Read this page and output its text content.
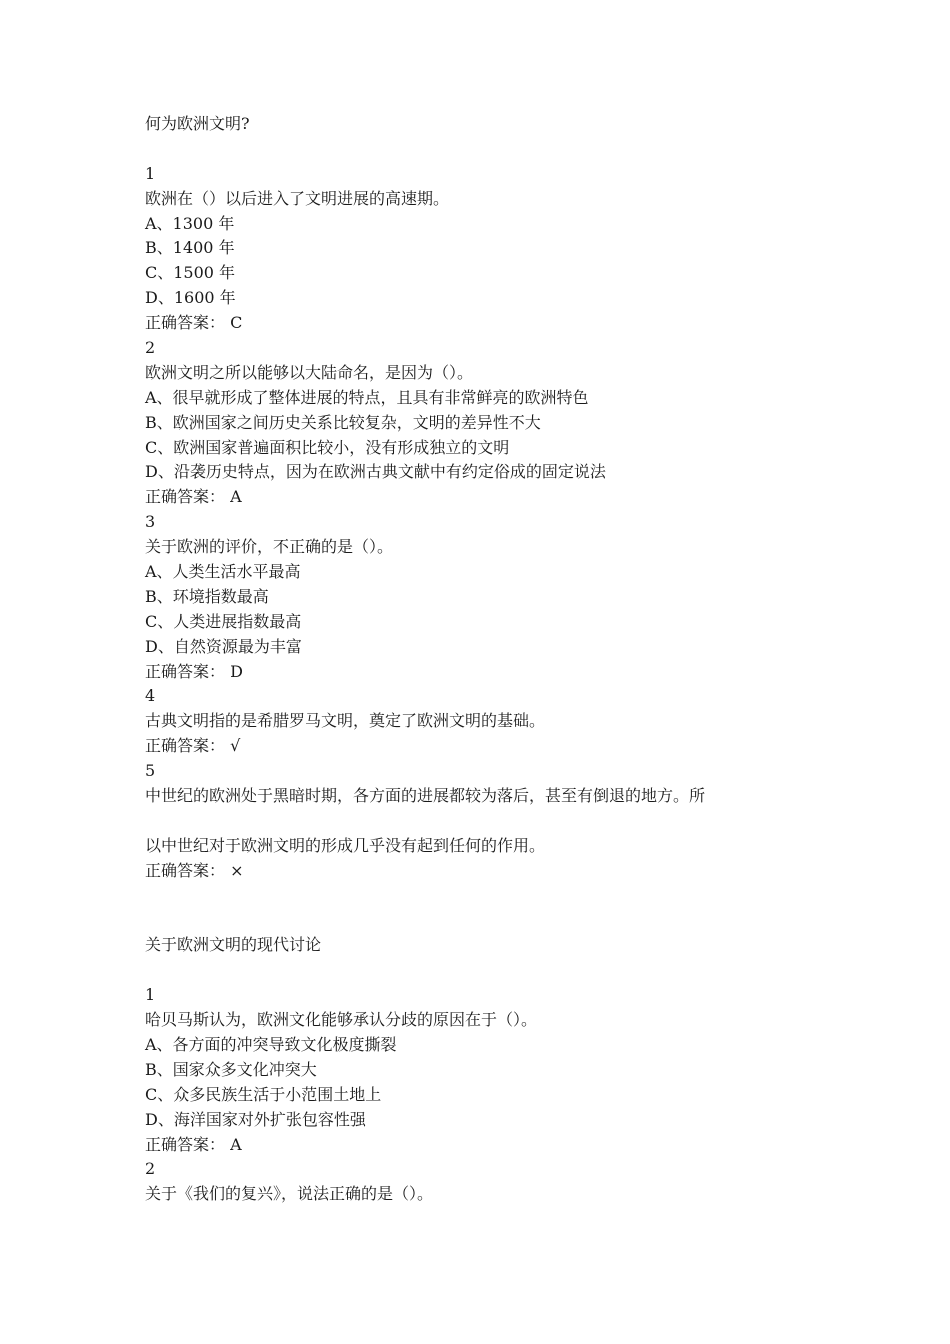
何为欧洲文明?
1
欧洲在（）以后进入了文明进展的高速期。
A、1300 年
B、1400 年
C、1500 年
D、1600 年
正确答案： C
2
欧洲文明之所以能够以大陆命名，是因为（）。
A、很早就形成了整体进展的特点，且具有非常鲜亮的欧洲特色
B、欧洲国家之间历史关系比较复杂，文明的差异性不大
C、欧洲国家普遍面积比较小，没有形成独立的文明
D、沿袭历史特点，因为在欧洲古典文献中有约定俗成的固定说法
正确答案： A
3
关于欧洲的评价，不正确的是（）。
A、人类生活水平最高
B、环境指数最高
C、人类进展指数最高
D、自然资源最为丰富
正确答案： D
4
古典文明指的是希腊罗马文明，奠定了欧洲文明的基础。
正确答案： √
5
中世纪的欧洲处于黑暗时期，各方面的进展都较为落后，甚至有倒退的地方。所
以中世纪对于欧洲文明的形成几乎没有起到任何的作用。
正确答案： ×
关于欧洲文明的现代讨论
1
哈贝马斯认为，欧洲文化能够承认分歧的原因在于（）。
A、各方面的冲突导致文化极度撕裂
B、国家众多文化冲突大
C、众多民族生活于小范围土地上
D、海洋国家对外扩张包容性强
正确答案： A
2
关于《我们的复兴》，说法正确的是（）。
